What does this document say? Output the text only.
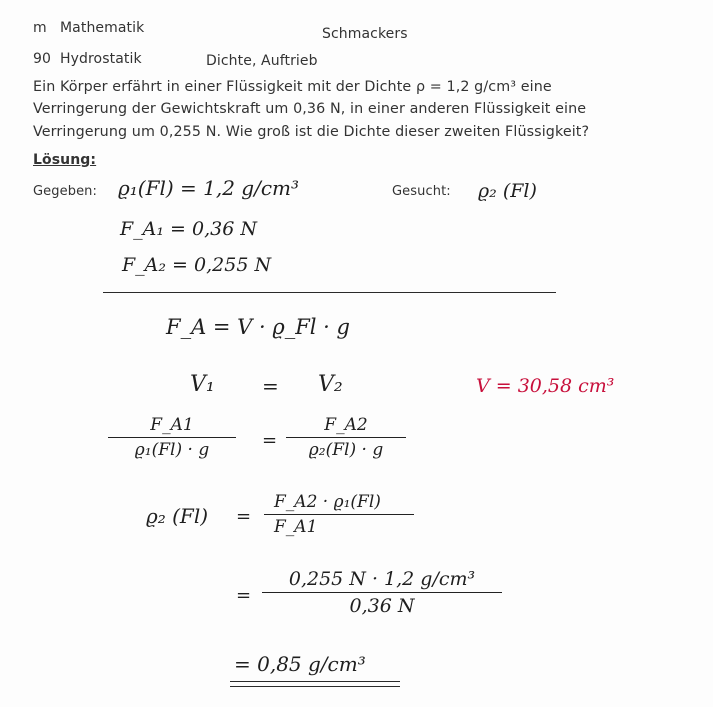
m Mathematik	Schmackers
90 Hydrostatik	Dichte, Auftrieb
Ein Körper erfährt in einer Flüssigkeit mit der Dichte ρ = 1,2 g/cm³ eine
Verringerung der Gewichtskraft um 0,36 N, in einer anderen Flüssigkeit eine
Verringerung um 0,255 N. Wie groß ist die Dichte dieser zweiten Flüssigkeit?
Lösung:
Gegeben: ϱ₁(Fl) = 1,2 g/cm³	Gesucht: ϱ₂ (Fl)
F_A₁ = 0,36 N
F_A₂ = 0,255 N
F_A = V · ϱ_Fl · g
V₁ = V₂	V = 30,58 cm³
F_A1
ϱ₁(Fl) · g	=
F_A2
ϱ₂(Fl) · g
ϱ₂ (Fl) =
F_A2 · ϱ₁(Fl)
F_A1
=
0,255 N · 1,2 g/cm³
0,36 N
= 0,85 g/cm³
